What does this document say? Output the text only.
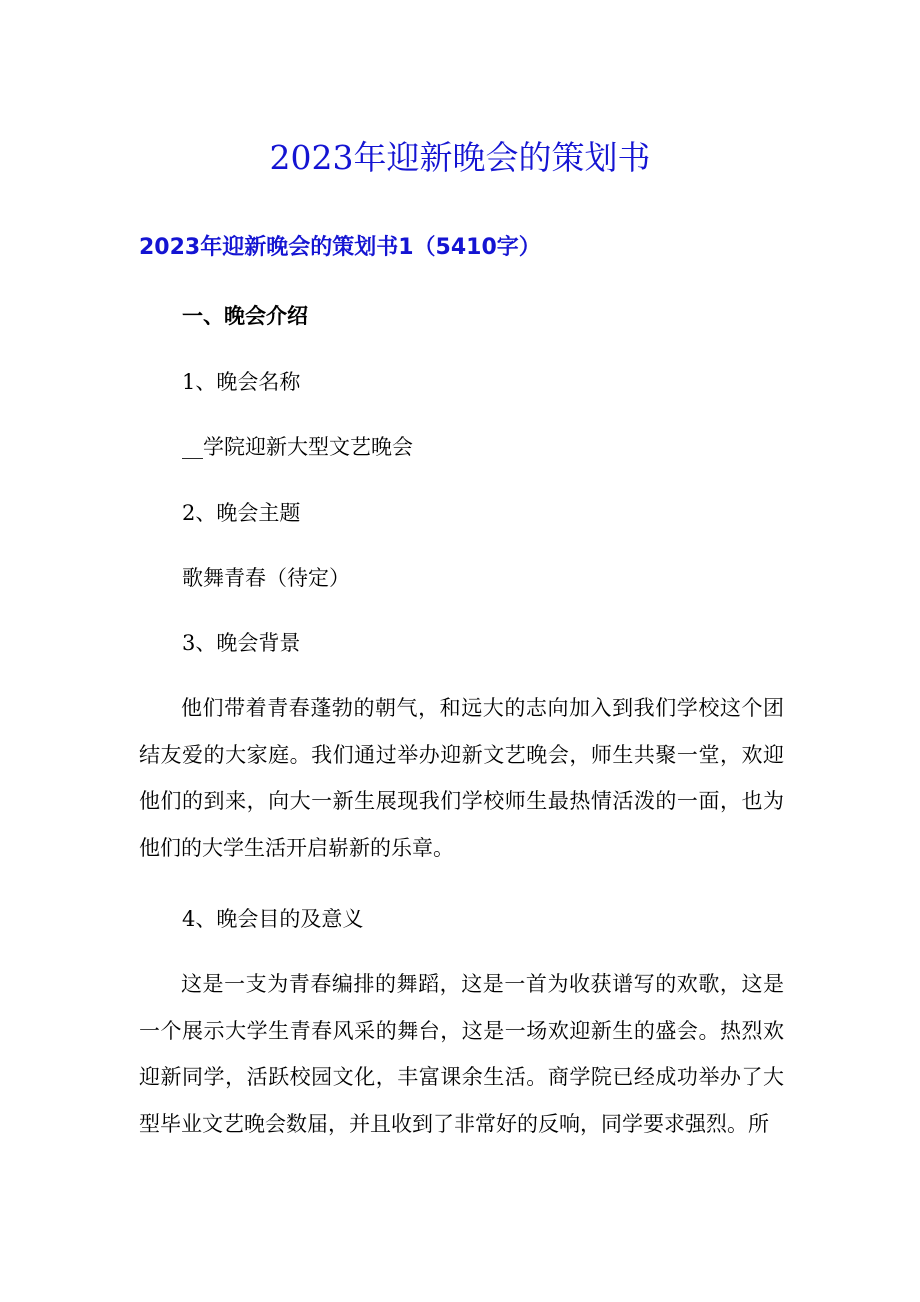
2023年迎新晚会的策划书
2023年迎新晚会的策划书1（5410字）
一、晚会介绍
1、晚会名称
__学院迎新大型文艺晚会
2、晚会主题
歌舞青春（待定）
3、晚会背景
他们带着青春蓬勃的朝气，和远大的志向加入到我们学校这个团结友爱的大家庭。我们通过举办迎新文艺晚会，师生共聚一堂，欢迎他们的到来，向大一新生展现我们学校师生最热情活泼的一面，也为他们的大学生活开启崭新的乐章。
4、晚会目的及意义
这是一支为青春编排的舞蹈，这是一首为收获谱写的欢歌，这是一个展示大学生青春风采的舞台，这是一场欢迎新生的盛会。热烈欢迎新同学，活跃校园文化，丰富课余生活。商学院已经成功举办了大型毕业文艺晚会数届，并且收到了非常好的反响，同学要求强烈。所
